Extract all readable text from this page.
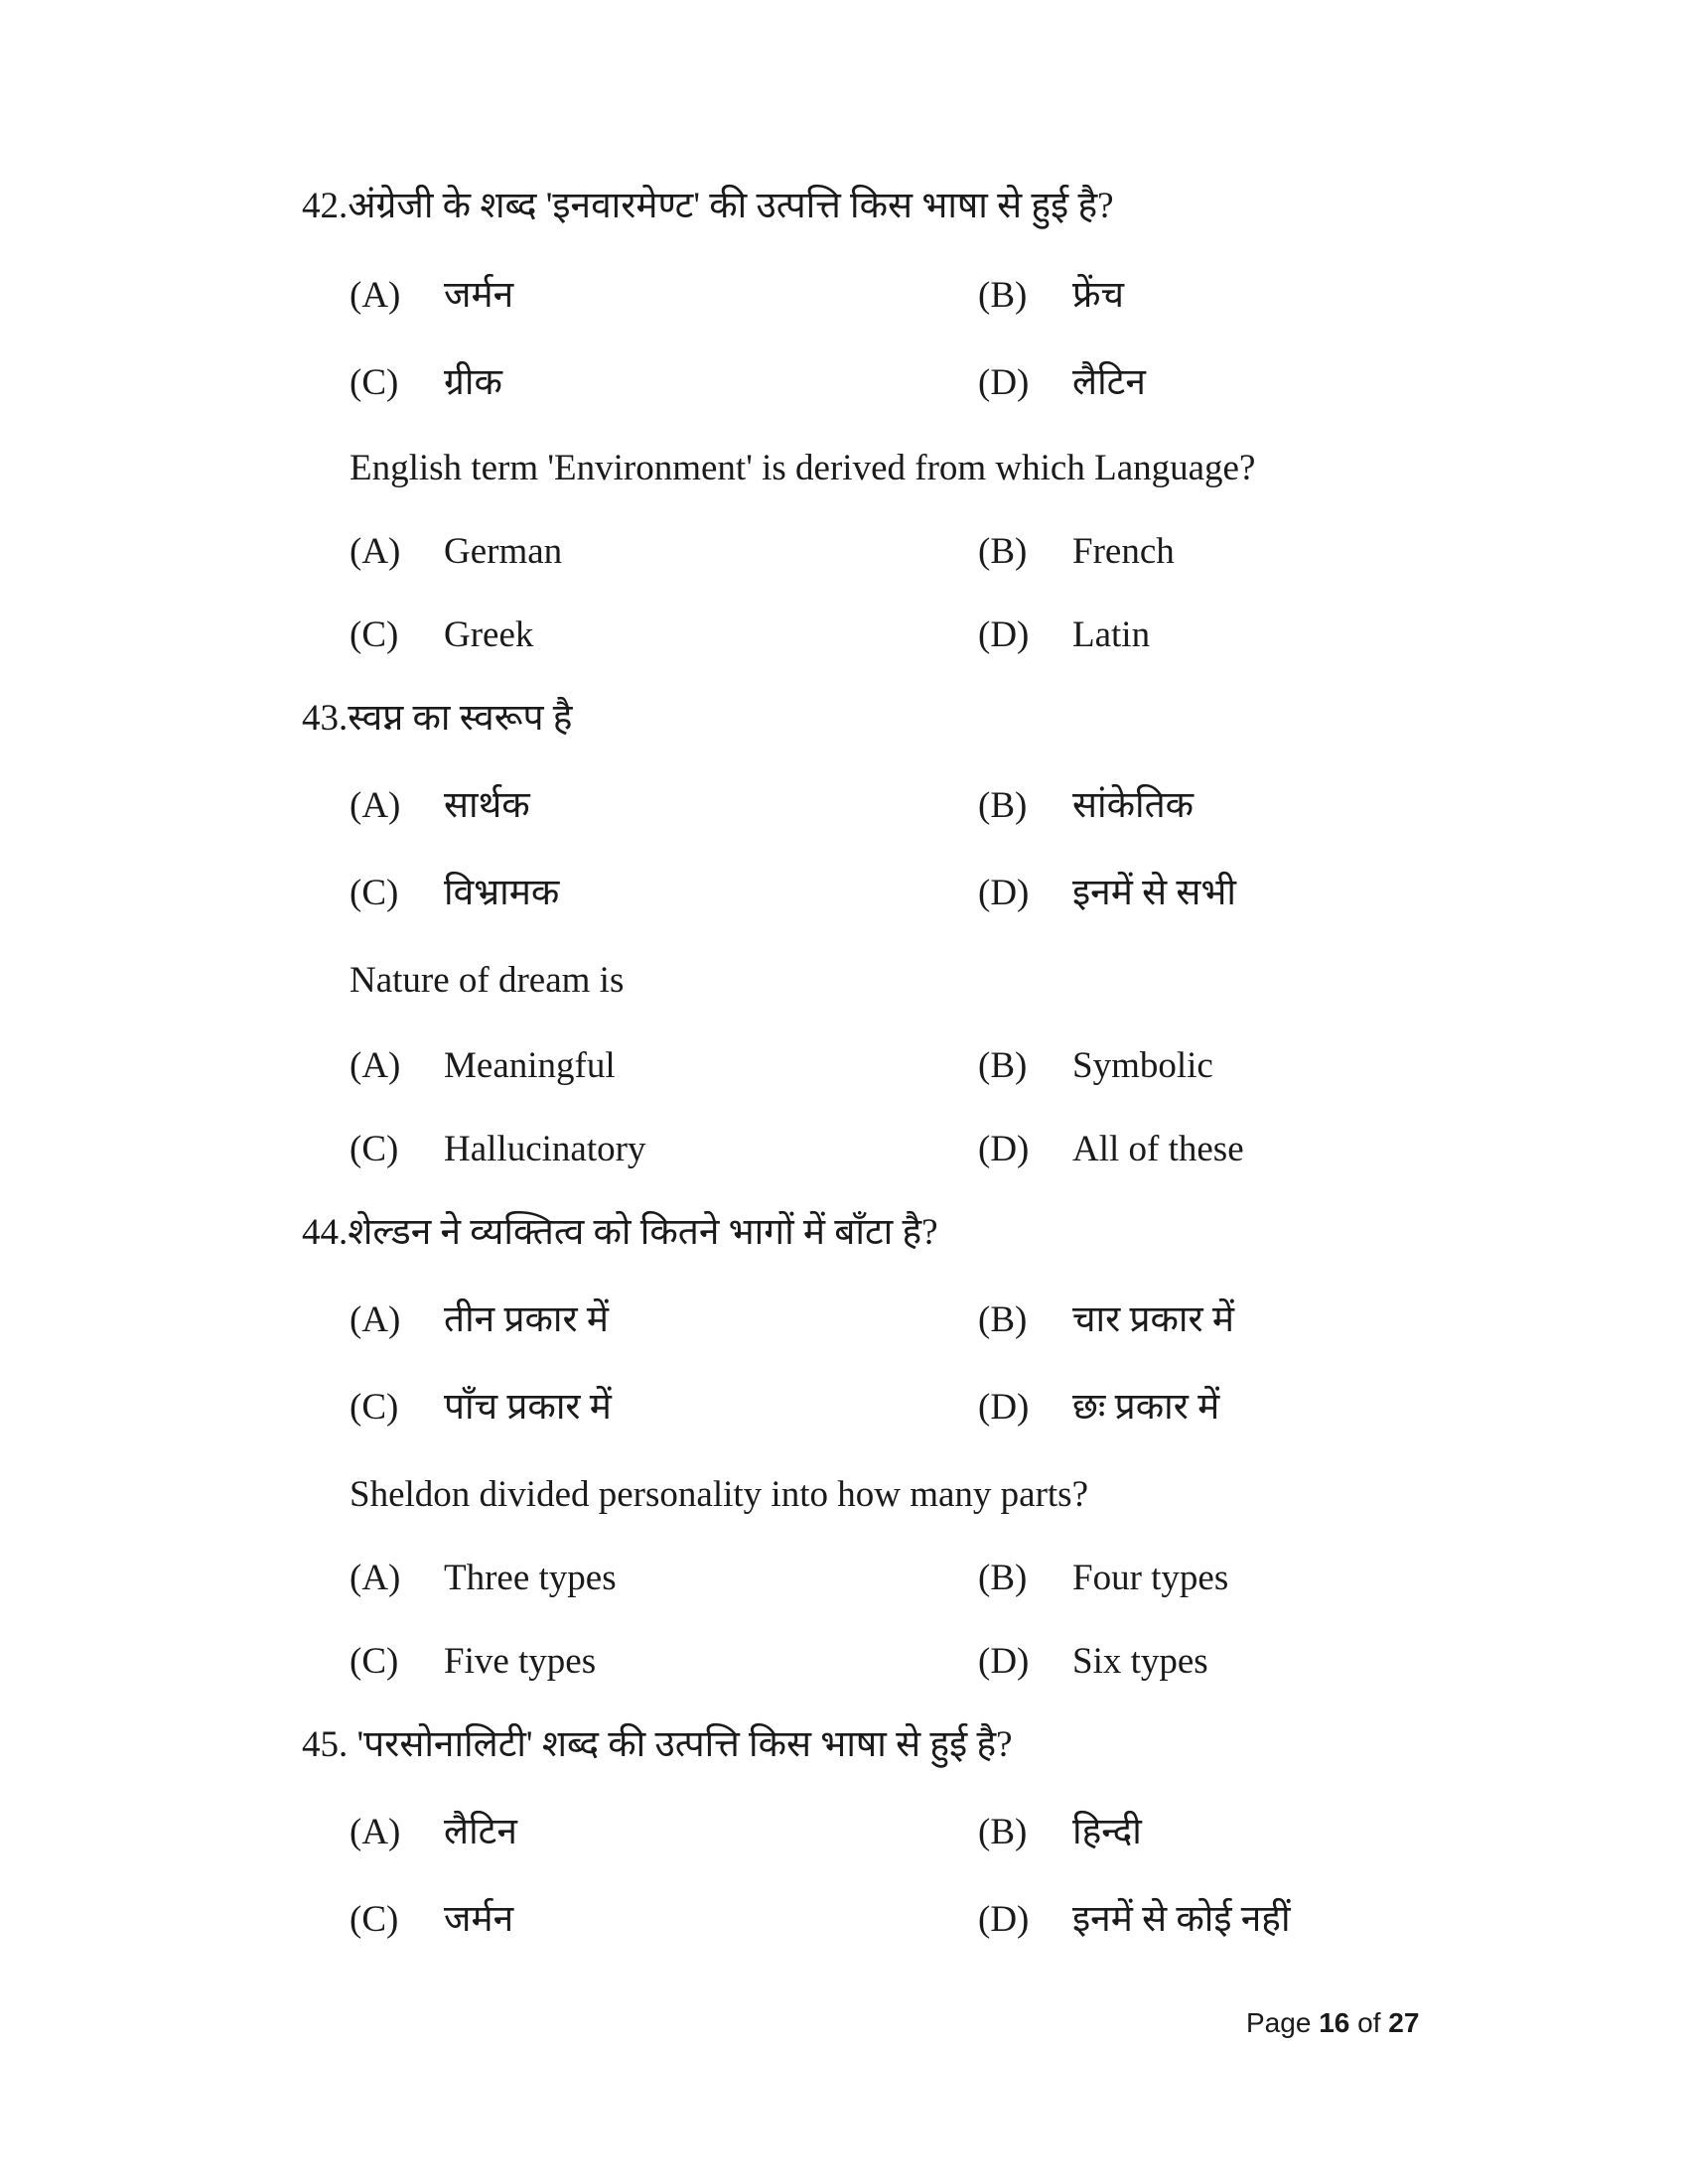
42.अंग्रेजी के शब्द 'इनवारमेण्ट' की उत्पत्ति किस भाषा से हुई है?
(A) जर्मन	(B) फ्रेंच
(C) ग्रीक	(D) लैटिन
English term 'Environment' is derived from which Language?
(A) German	(B) French
(C) Greek	(D) Latin
43.स्वप्न का स्वरूप है
(A) सार्थक	(B) सांकेतिक
(C) विभ्रामक	(D) इनमें से सभी
Nature of dream is
(A) Meaningful	(B) Symbolic
(C) Hallucinatory	(D) All of these
44.शेल्डन ने व्यक्तित्व को कितने भागों में बाँटा है?
(A) तीन प्रकार में	(B) चार प्रकार में
(C) पाँच प्रकार में	(D) छः प्रकार में
Sheldon divided personality into how many parts?
(A) Three types	(B) Four types
(C) Five types	(D) Six types
45. 'परसोनालिटी' शब्द की उत्पत्ति किस भाषा से हुई है?
(A) लैटिन	(B) हिन्दी
(C) जर्मन	(D) इनमें से कोई नहीं
Page 16 of 27
